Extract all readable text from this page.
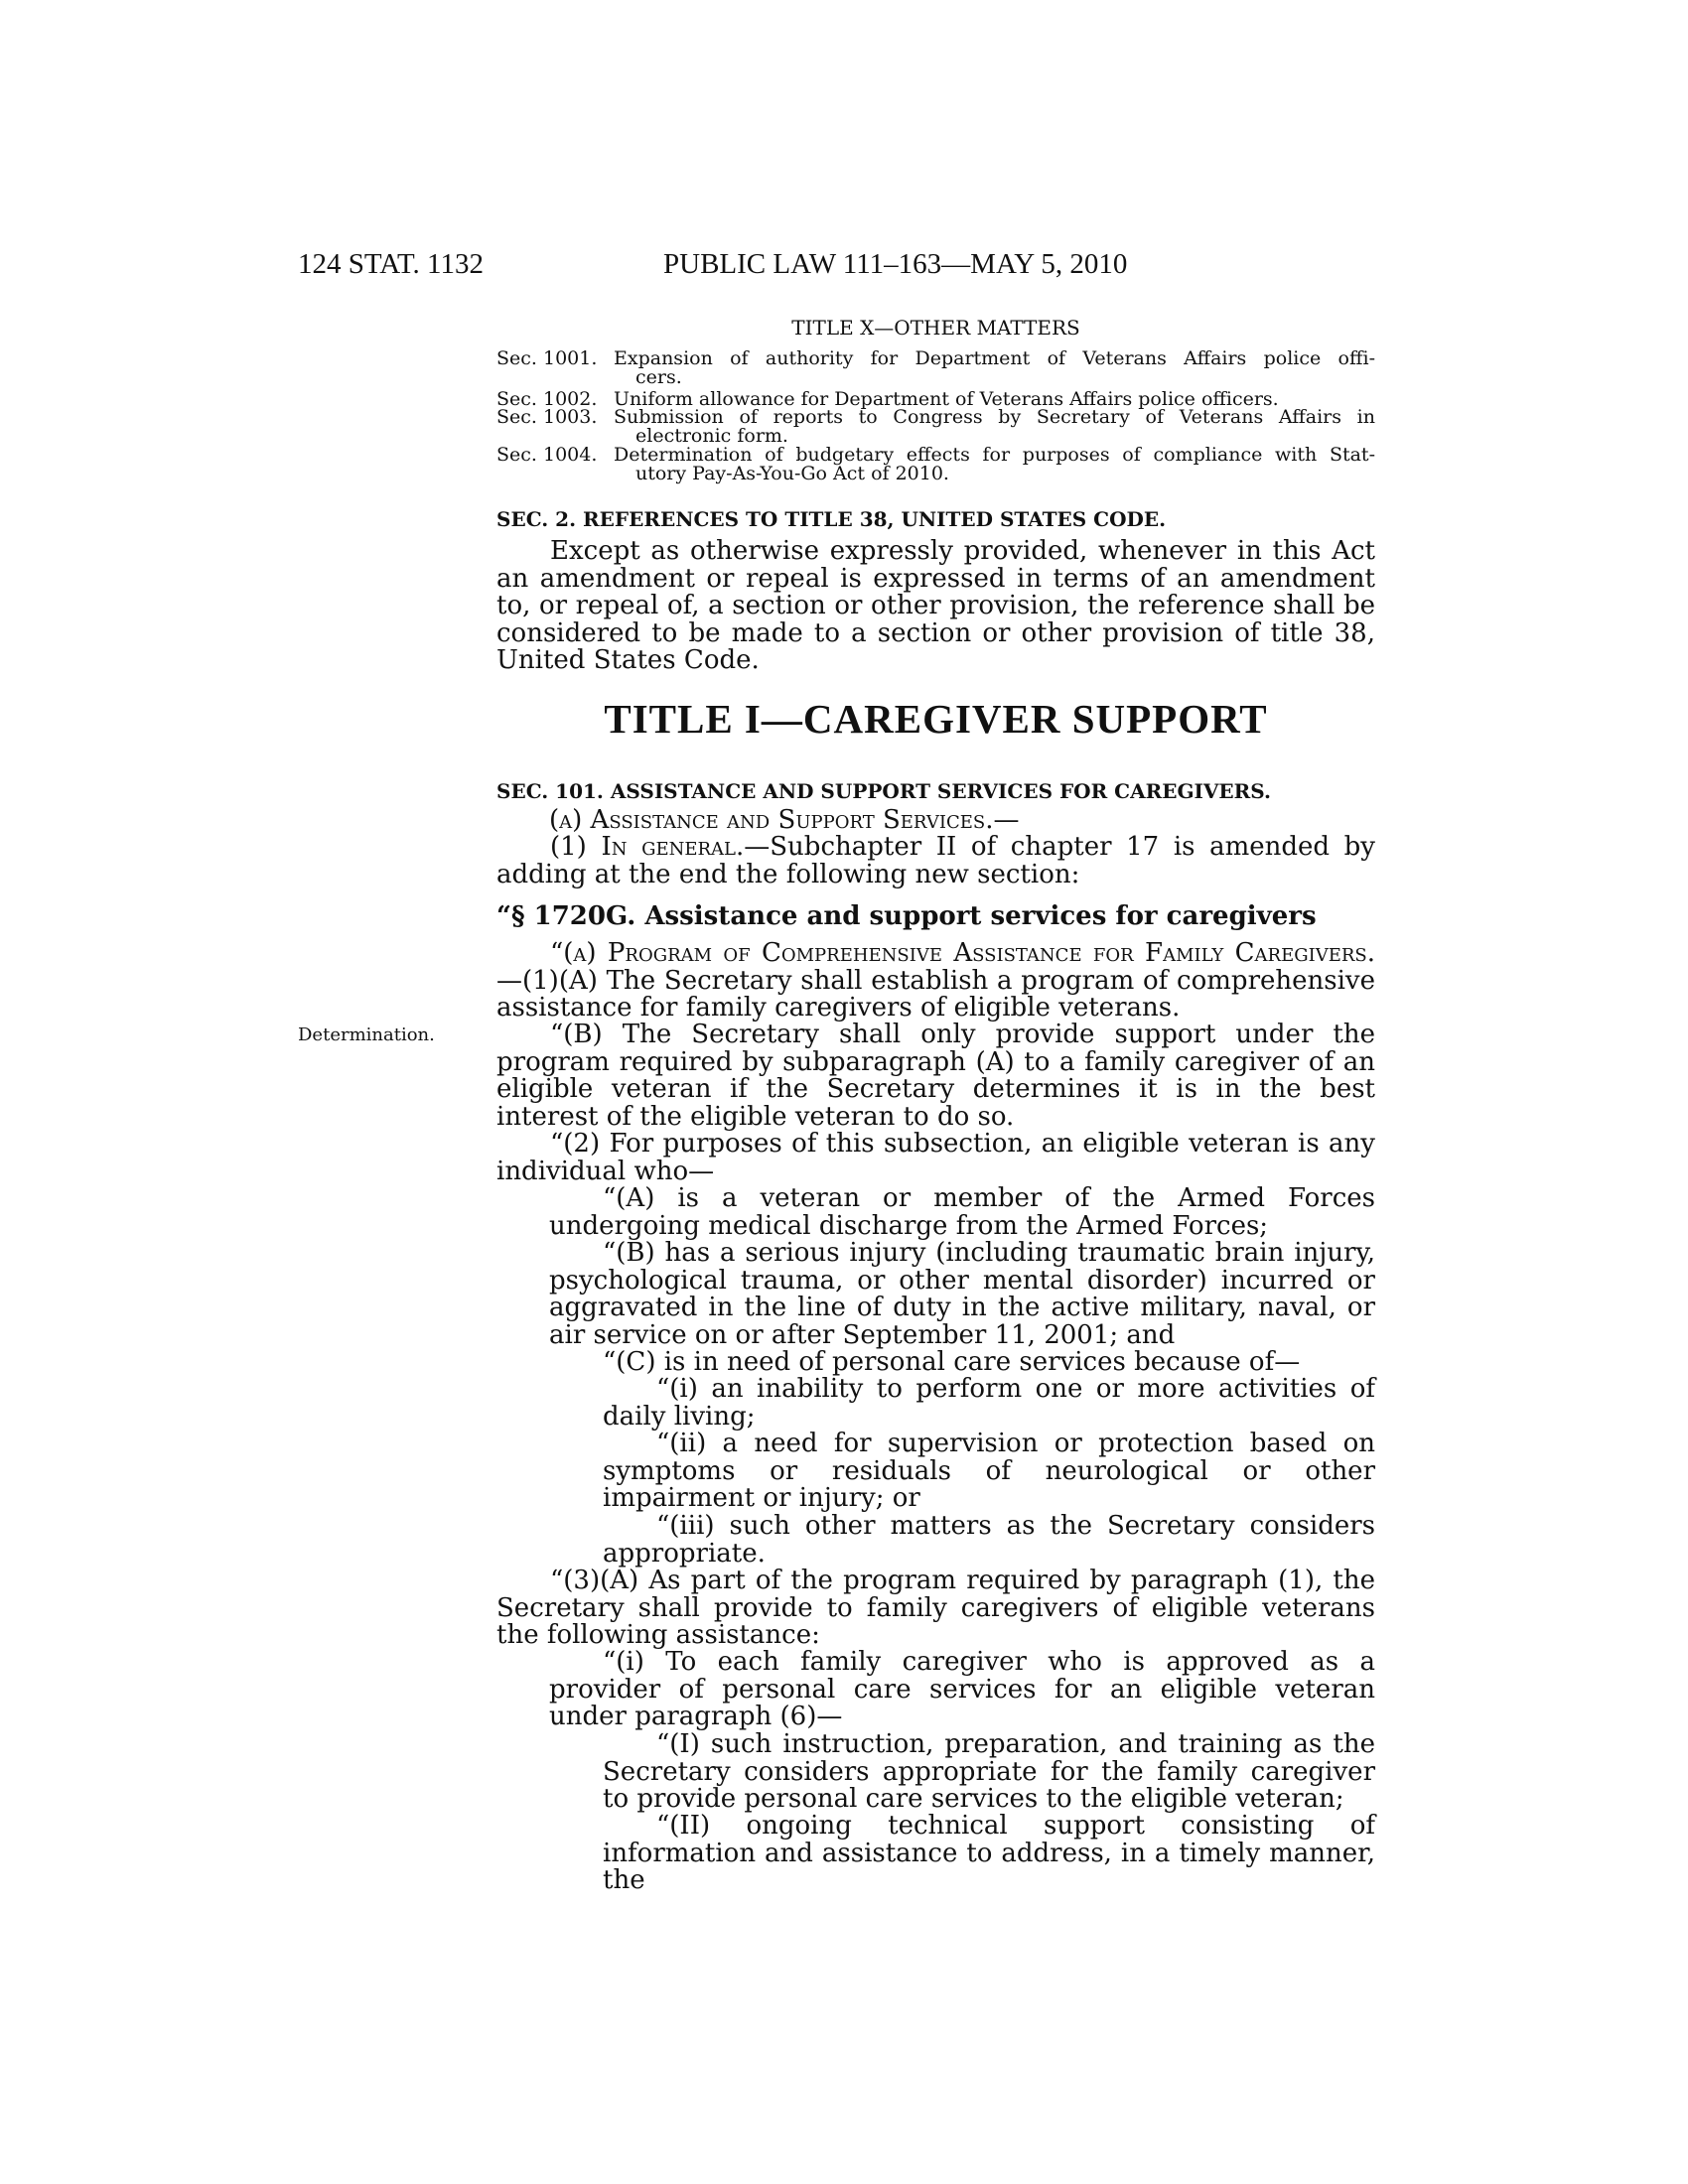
124 STAT. 1132	PUBLIC LAW 111–163—MAY 5, 2010
TITLE X—OTHER MATTERS
Sec. 1001. Expansion of authority for Department of Veterans Affairs police offi-
cers.
Sec. 1002. Uniform allowance for Department of Veterans Affairs police officers.
Sec. 1003. Submission of reports to Congress by Secretary of Veterans Affairs in
electronic form.
Sec. 1004. Determination of budgetary effects for purposes of compliance with Stat-
utory Pay-As-You-Go Act of 2010.
SEC. 2. REFERENCES TO TITLE 38, UNITED STATES CODE.

Except as otherwise expressly provided, whenever in this Act an amendment or repeal is expressed in terms of an amendment to, or repeal of, a section or other provision, the reference shall be considered to be made to a section or other provision of title 38, United States Code.

TITLE I—CAREGIVER SUPPORT
SEC. 101. ASSISTANCE AND SUPPORT SERVICES FOR CAREGIVERS.
(a) Assistance and Support Services.—

(1) In general.—Subchapter II of chapter 17 is amended by adding at the end the following new section:

“§ 1720G. Assistance and support services for caregivers

“(a) Program of Comprehensive Assistance for Family Caregivers.—(1)(A) The Secretary shall establish a program of comprehensive assistance for family caregivers of eligible veterans.

Determination.	“(B) The Secretary shall only provide support under the program required by subparagraph (A) to a family caregiver of an eligible veteran if the Secretary determines it is in the best interest of the eligible veteran to do so.

“(2) For purposes of this subsection, an eligible veteran is any individual who—

“(A) is a veteran or member of the Armed Forces undergoing medical discharge from the Armed Forces;

“(B) has a serious injury (including traumatic brain injury, psychological trauma, or other mental disorder) incurred or aggravated in the line of duty in the active military, naval, or air service on or after September 11, 2001; and

“(C) is in need of personal care services because of—

“(i) an inability to perform one or more activities of daily living;

“(ii) a need for supervision or protection based on symptoms or residuals of neurological or other impairment or injury; or

“(iii) such other matters as the Secretary considers appropriate.

“(3)(A) As part of the program required by paragraph (1), the Secretary shall provide to family caregivers of eligible veterans the following assistance:

“(i) To each family caregiver who is approved as a provider of personal care services for an eligible veteran under paragraph (6)—

“(I) such instruction, preparation, and training as the Secretary considers appropriate for the family caregiver to provide personal care services to the eligible veteran;

“(II) ongoing technical support consisting of information and assistance to address, in a timely manner, the
